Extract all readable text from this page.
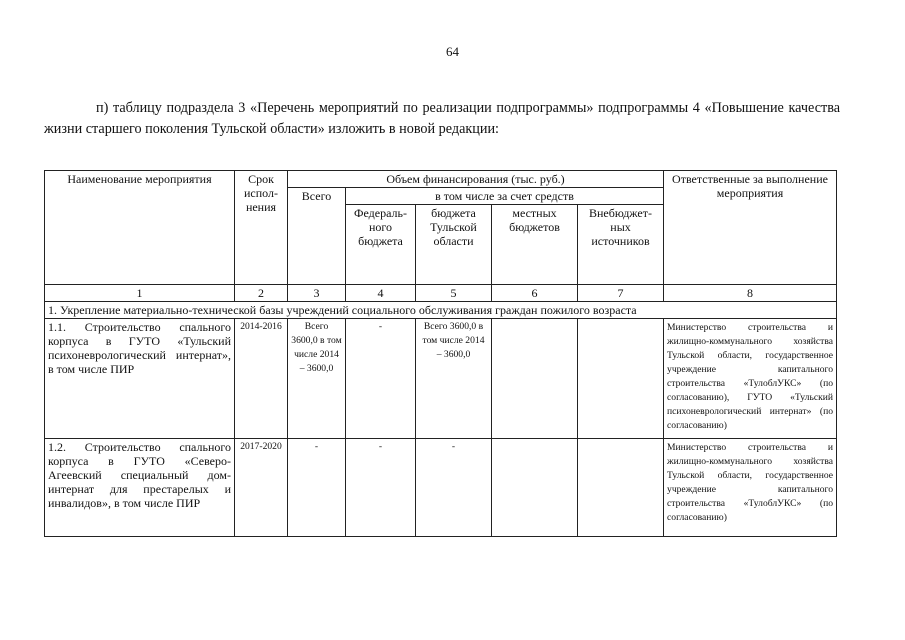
64

п) таблицу подраздела 3 «Перечень мероприятий по реализации подпрограммы» подпрограммы 4 «Повышение качества жизни старшего поколения Тульской области» изложить в новой редакции:

Наименование мероприятия	Срок испол-нения	Объем финансирования (тыс. руб.)					Ответственные за выполнение мероприятия
		Всего	в том числе за счет средств				
			Федераль-ного бюджета	бюджета Тульской области	местных бюджетов	Внебюджет-ных источников	
1	2	3	4	5	6	7	8
1. Укрепление материально-технической базы учреждений социального обслуживания граждан пожилого возраста							
1.1. Строительство спального корпуса в ГУТО «Тульский психоневрологический интернат», в том числе ПИР	2014-2016	Всего 3600,0 в том числе 2014 – 3600,0	-	Всего 3600,0 в том числе 2014 – 3600,0			Министерство строительства и жилищно-коммунального хозяйства Тульской области, государственное учреждение капитального строительства «ТулоблУКС» (по согласованию), ГУТО «Тульский психоневрологический интернат» (по согласованию)
1.2. Строительство спального корпуса в ГУТО «Северо-Агеевский специальный дом-интернат для престарелых и инвалидов», в том числе ПИР	2017-2020	-	-	-			Министерство строительства и жилищно-коммунального хозяйства Тульской области, государственное учреждение капитального строительства «ТулоблУКС» (по согласованию)
